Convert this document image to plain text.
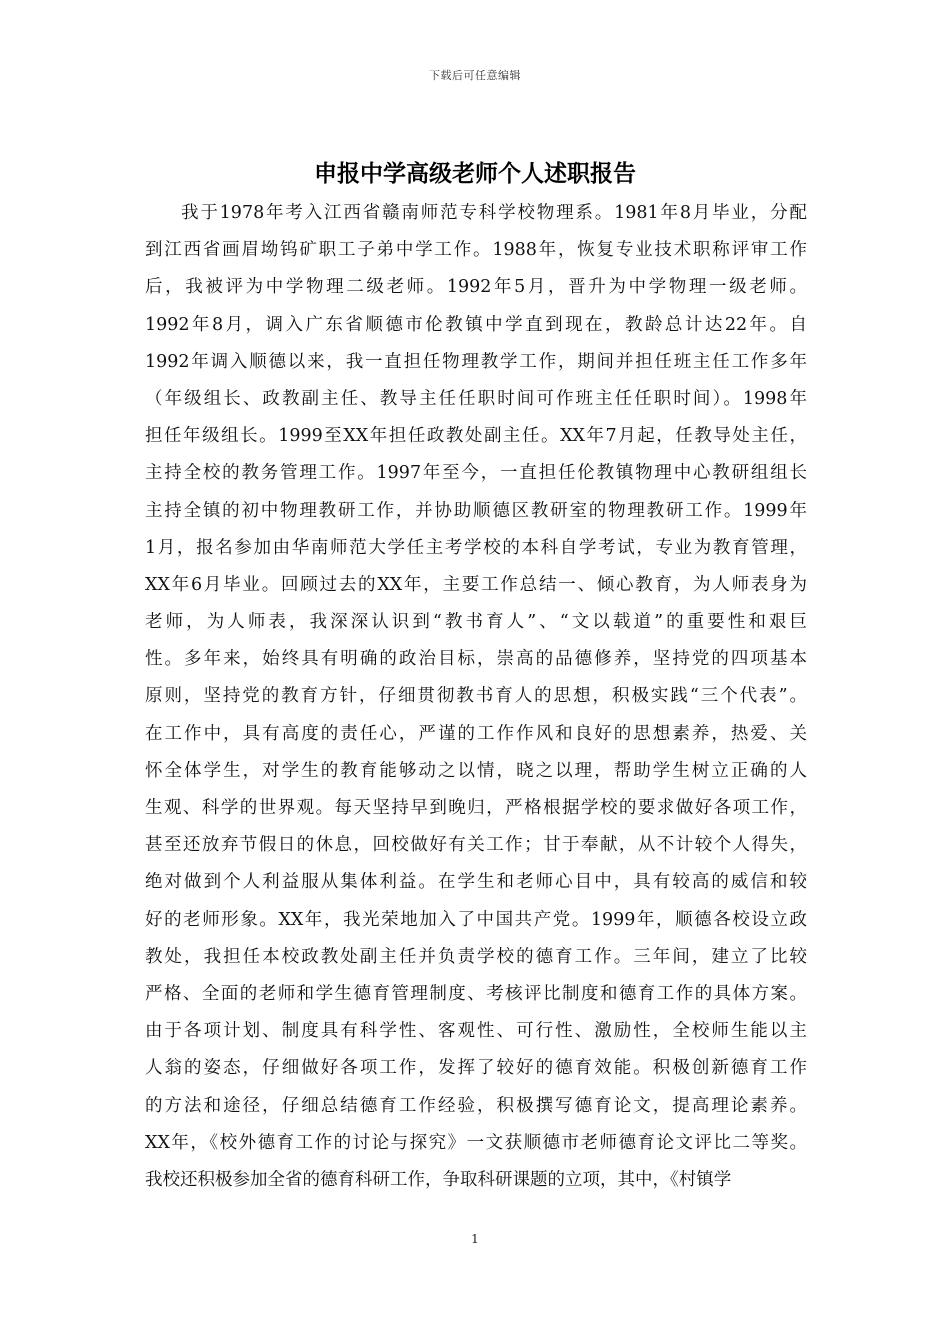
下载后可任意编辑
申报中学高级老师个人述职报告
我于1978年考入江西省赣南师范专科学校物理系。1981年8月毕业，分配
到江西省画眉坳钨矿职工子弟中学工作。1988年，恢复专业技术职称评审工作
后，我被评为中学物理二级老师。1992年5月，晋升为中学物理一级老师。
1992年8月，调入广东省顺德市伦教镇中学直到现在，教龄总计达22年。自
1992年调入顺德以来，我一直担任物理教学工作，期间并担任班主任工作多年
（年级组长、政教副主任、教导主任任职时间可作班主任任职时间）。1998年
担任年级组长。1999至XX年担任政教处副主任。XX年7月起，任教导处主任，
主持全校的教务管理工作。1997年至今，一直担任伦教镇物理中心教研组组长
主持全镇的初中物理教研工作，并协助顺德区教研室的物理教研工作。1999年
1月，报名参加由华南师范大学任主考学校的本科自学考试，专业为教育管理，
XX年6月毕业。回顾过去的XX年，主要工作总结一、倾心教育，为人师表身为
老师，为人师表，我深深认识到“教书育人”、“文以载道”的重要性和艰巨
性。多年来，始终具有明确的政治目标，崇高的品德修养，坚持党的四项基本
原则，坚持党的教育方针，仔细贯彻教书育人的思想，积极实践“三个代表”。
在工作中，具有高度的责任心，严谨的工作作风和良好的思想素养，热爱、关
怀全体学生，对学生的教育能够动之以情，晓之以理，帮助学生树立正确的人
生观、科学的世界观。每天坚持早到晚归，严格根据学校的要求做好各项工作，
甚至还放弃节假日的休息，回校做好有关工作；甘于奉献，从不计较个人得失，
绝对做到个人利益服从集体利益。在学生和老师心目中，具有较高的威信和较
好的老师形象。XX年，我光荣地加入了中国共产党。1999年，顺德各校设立政
教处，我担任本校政教处副主任并负责学校的德育工作。三年间，建立了比较
严格、全面的老师和学生德育管理制度、考核评比制度和德育工作的具体方案。
由于各项计划、制度具有科学性、客观性、可行性、激励性，全校师生能以主
人翁的姿态，仔细做好各项工作，发挥了较好的德育效能。积极创新德育工作
的方法和途径，仔细总结德育工作经验，积极撰写德育论文，提高理论素养。
XX年，《校外德育工作的讨论与探究》一文获顺德市老师德育论文评比二等奖。
我校还积极参加全省的德育科研工作，争取科研课题的立项，其中，《村镇学
1
